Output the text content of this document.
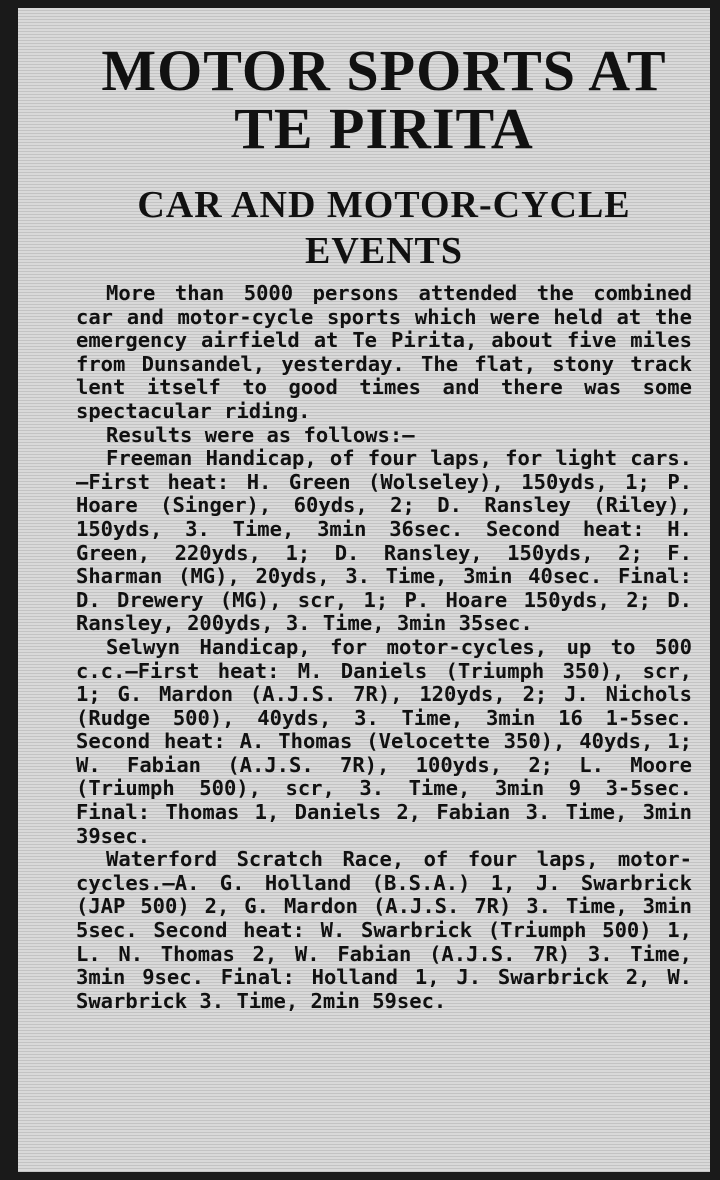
MOTOR SPORTS AT TE PIRITA
CAR AND MOTOR-CYCLE EVENTS

More than 5000 persons attended the combined car and motor-cycle sports which were held at the emergency airfield at Te Pirita, about five miles from Dunsandel, yesterday. The flat, stony track lent itself to good times and there was some spectacular riding.

Results were as follows:—

Freeman Handicap, of four laps, for light cars.—First heat: H. Green (Wolseley), 150yds, 1; P. Hoare (Singer), 60yds, 2; D. Ransley (Riley), 150yds, 3. Time, 3min 36sec. Second heat: H. Green, 220yds, 1; D. Ransley, 150yds, 2; F. Sharman (MG), 20yds, 3. Time, 3min 40sec. Final: D. Drewery (MG), scr, 1; P. Hoare 150yds, 2; D. Ransley, 200yds, 3. Time, 3min 35sec.

Selwyn Handicap, for motor-cycles, up to 500 c.c.—First heat: M. Daniels (Triumph 350), scr, 1; G. Mardon (A.J.S. 7R), 120yds, 2; J. Nichols (Rudge 500), 40yds, 3. Time, 3min 16 1-5sec. Second heat: A. Thomas (Velocette 350), 40yds, 1; W. Fabian (A.J.S. 7R), 100yds, 2; L. Moore (Triumph 500), scr, 3. Time, 3min 9 3-5sec. Final: Thomas 1, Daniels 2, Fabian 3. Time, 3min 39sec.

Waterford Scratch Race, of four laps, motor-cycles.—A. G. Holland (B.S.A.) 1, J. Swarbrick (JAP 500) 2, G. Mardon (A.J.S. 7R) 3. Time, 3min 5sec. Second heat: W. Swarbrick (Triumph 500) 1, L. N. Thomas 2, W. Fabian (A.J.S. 7R) 3. Time, 3min 9sec. Final: Holland 1, J. Swarbrick 2, W. Swarbrick 3. Time, 2min 59sec.
